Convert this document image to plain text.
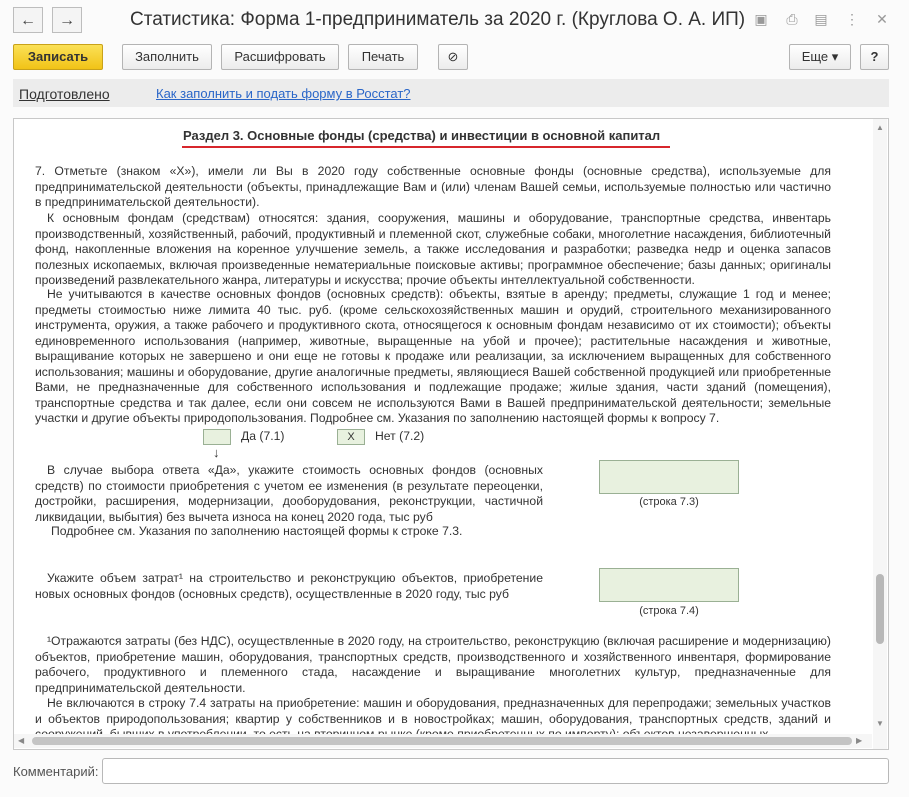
←	→	Статистика: Форма 1-предприниматель за 2020 г. (Круглова О. А. ИП) ▣ ⎙ ▤ ⋮ ✕
Записать	Заполнить	Расшифровать	Печать	⊘	Еще ▾	?
Подготовлено	Как заполнить и подать форму в Росстат?
Раздел 3. Основные фонды (средства) и инвестиции в основной капитал
7. Отметьте (знаком «Х»), имели ли Вы в 2020 году собственные основные фонды (основные средства), используемые для предпринимательской деятельности (объекты, принадлежащие Вам и (или) членам Вашей семьи, используемые полностью или частично в предпринимательской деятельности).
К основным фондам (средствам) относятся: здания, сооружения, машины и оборудование, транспортные средства, инвентарь производственный, хозяйственный, рабочий, продуктивный и племенной скот, служебные собаки, многолетние насаждения, библиотечный фонд, накопленные вложения на коренное улучшение земель, а также исследования и разработки; разведка недр и оценка запасов полезных ископаемых, включая произведенные нематериальные поисковые активы; программное обеспечение; базы данных; оригиналы произведений развлекательного жанра, литературы и искусства; прочие объекты интеллектуальной собственности.
Не учитываются в качестве основных фондов (основных средств): объекты, взятые в аренду; предметы, служащие 1 год и менее; предметы стоимостью ниже лимита 40 тыс. руб. (кроме сельскохозяйственных машин и орудий, строительного механизированного инструмента, оружия, а также рабочего и продуктивного скота, относящегося к основным фондам независимо от их стоимости); объекты единовременного использования (например, животные, выращенные на убой и прочее); растительные насаждения и животные, выращивание которых не завершено и они еще не готовы к продаже или реализации, за исключением выращенных для собственного использования; машины и оборудование, другие аналогичные предметы, являющиеся Вашей собственной продукцией или приобретенные Вами, не предназначенные для собственного использования и подлежащие продаже; жилые здания, части зданий (помещения), транспортные средства и так далее, если они совсем не используются Вами в Вашей предпринимательской деятельности; земельные участки и другие объекты природопользования. Подробнее см. Указания по заполнению настоящей формы к вопросу 7.
Да (7.1)	X	Нет (7.2)
↓
В случае выбора ответа «Да», укажите стоимость основных фондов (основных средств) по стоимости приобретения с учетом ее изменения (в результате переоценки, достройки, расширения, модернизации, дооборудования, реконструкции, частичной ликвидации, выбытия) без вычета износа на конец 2020 года, тыс руб
Подробнее см. Указания по заполнению настоящей формы к строке 7.3.
(строка 7.3)
Укажите объем затрат¹ на строительство и реконструкцию объектов, приобретение новых основных фондов (основных средств), осуществленные в 2020 году, тыс руб
(строка 7.4)
¹Отражаются затраты (без НДС), осуществленные в 2020 году, на строительство, реконструкцию (включая расширение и модернизацию) объектов, приобретение машин, оборудования, транспортных средств, производственного и хозяйственного инвентаря, формирование рабочего, продуктивного и племенного стада, насаждение и выращивание многолетних культур, предназначенные для предпринимательской деятельности.
Не включаются в строку 7.4 затраты на приобретение: машин и оборудования, предназначенных для перепродажи; земельных участков и объектов природопользования; квартир у собственников и в новостройках; машин, оборудования, транспортных средств, зданий и
▲
▼
◀	▶
Комментарий:
